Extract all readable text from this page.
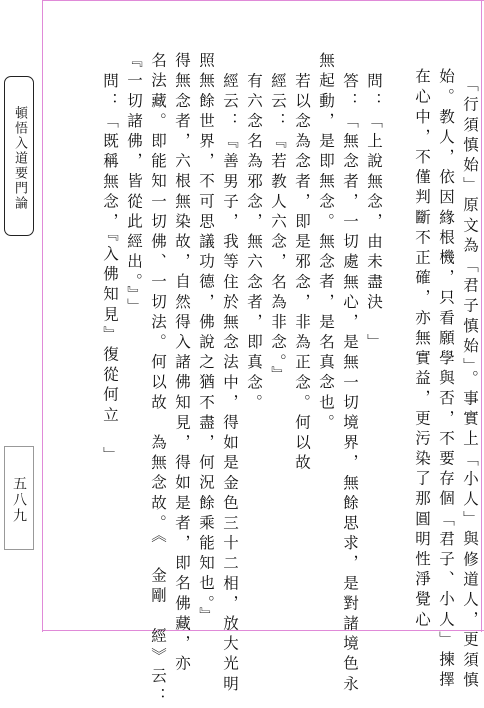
頓悟入道要門論
五八九	「行須慎始」原文為「君子慎始」。事實上「小人」與修道人，更須慎
始。教人，依因緣根機，只看願學與否，不要存個「君子、小人」揀擇
在心中，不僅判斷不正確，亦無實益，更污染了那圓明性淨覺心
　　問：「上說無念，由未盡決　」
　　答：「無念者，一切處無心，是無一切境界，無餘思求，是對諸境色永
無起動，是即無念。無念者，是名真念也。
　　若以念為念者，即是邪念，非為正念。何以故
　　經云：『若教人六念，名為非念。』
　　有六念名為邪念，無六念者，即真念。
　　經云：『善男子，我等住於無念法中，得如是金色三十二相，放大光明
照無餘世界，不可思議功德，佛說之猶不盡，何況餘乘能知也。』
得無念者，六根無染故，自然得入諸佛知見，得如是者，即名佛藏，亦
名法藏。即能知一切佛、一切法。何以故　為無念故。《　金剛　經》云：
『一切諸佛，皆從此經出。』」
　　問：「既稱無念，『入佛知見』復從何立　」
